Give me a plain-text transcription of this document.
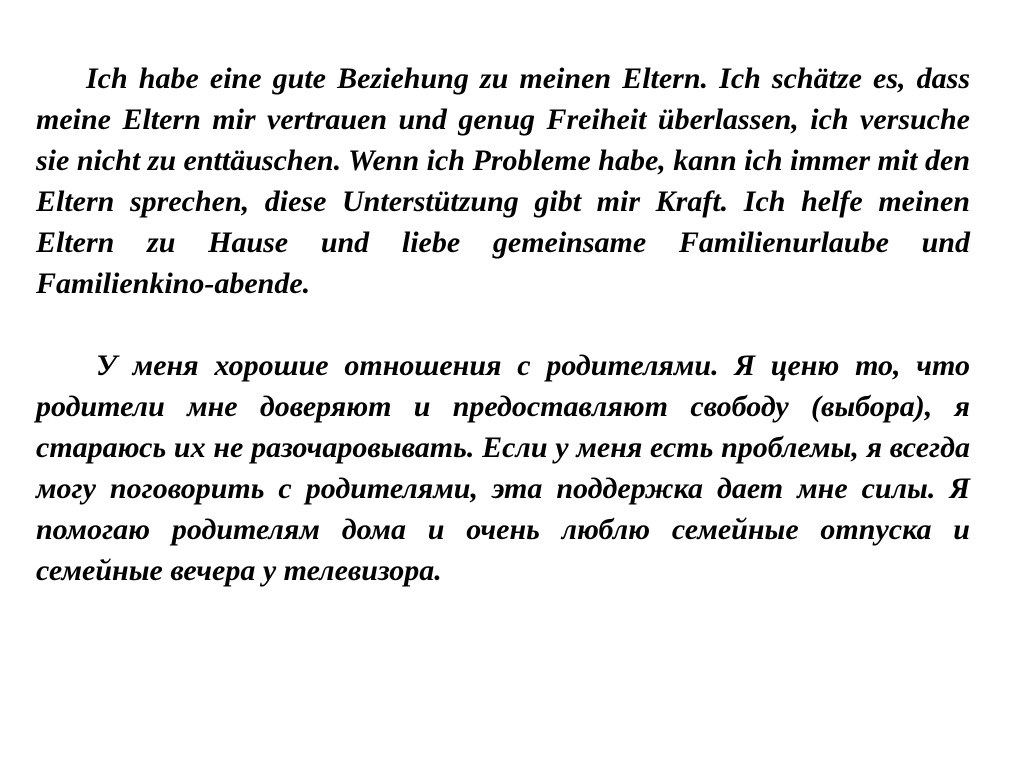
Ich habe eine gute Beziehung zu meinen Eltern. Ich schätze es, dass meine Eltern mir vertrauen und genug Freiheit überlassen, ich versuche sie nicht zu enttäuschen. Wenn ich Probleme habe, kann ich immer mit den Eltern sprechen, diese Unterstützung gibt mir Kraft. Ich helfe meinen Eltern zu Hause und liebe gemeinsame Familienurlaube und Familienkino-abende.

У меня хорошие отношения с родителями. Я ценю то, что родители мне доверяют и предоставляют свободу (выбора), я стараюсь их не разочаровывать. Если у меня есть проблемы, я всегда могу поговорить с родителями, эта поддержка дает мне силы. Я помогаю родителям дома и очень люблю семейные отпуска и семейные вечера у телевизора.
